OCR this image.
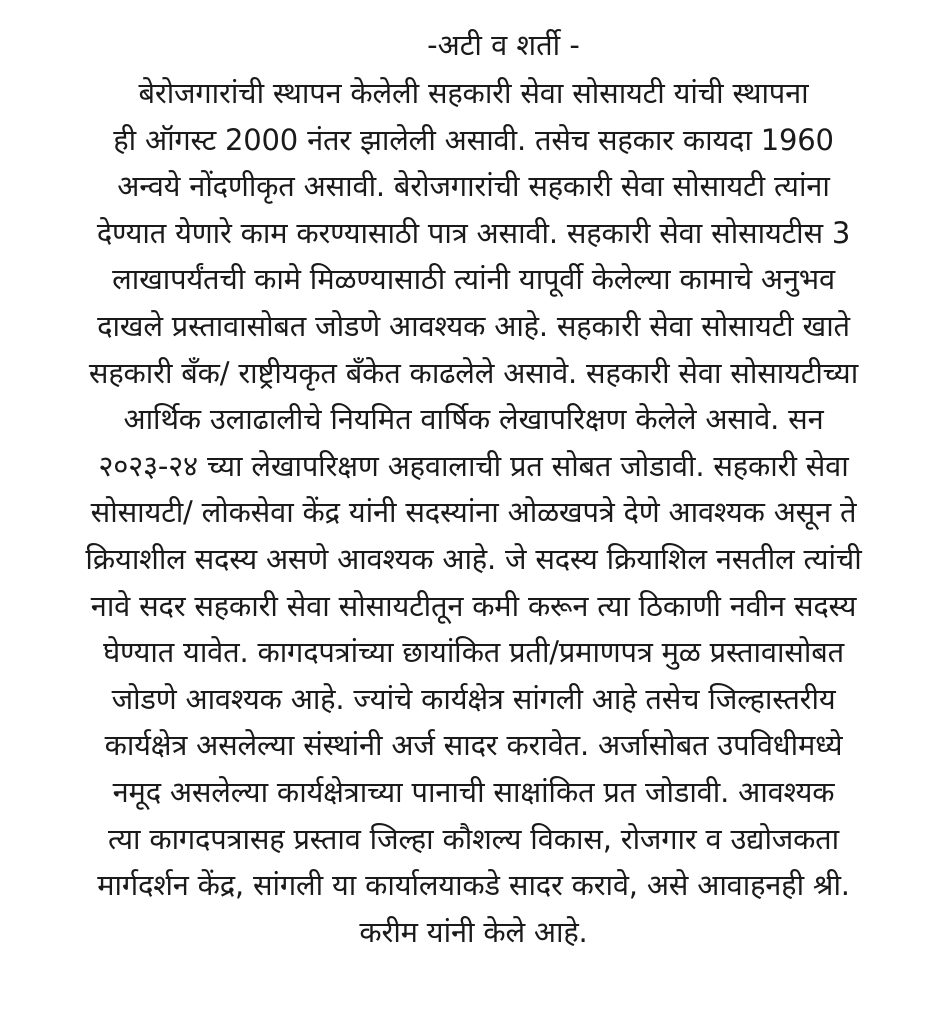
-अटी व शर्ती -

बेरोजगारांची स्थापन केलेली सहकारी सेवा सोसायटी यांची स्थापना

ही ऑगस्ट 2000 नंतर झालेली असावी. तसेच सहकार कायदा 1960

अन्वये नोंदणीकृत असावी. बेरोजगारांची सहकारी सेवा सोसायटी त्यांना

देण्यात येणारे काम करण्यासाठी पात्र असावी. सहकारी सेवा सोसायटीस 3

लाखापर्यंतची कामे मिळण्यासाठी त्यांनी यापूर्वी केलेल्या कामाचे अनुभव

दाखले प्रस्तावासोबत जोडणे आवश्यक आहे. सहकारी सेवा सोसायटी खाते

सहकारी बँक/ राष्ट्रीयकृत बँकेत काढलेले असावे. सहकारी सेवा सोसायटीच्या

आर्थिक उलाढालीचे नियमित वार्षिक लेखापरिक्षण केलेले असावे. सन

२०२३-२४ च्या लेखापरिक्षण अहवालाची प्रत सोबत जोडावी. सहकारी सेवा

सोसायटी/ लोकसेवा केंद्र यांनी सदस्यांना ओळखपत्रे देणे आवश्यक असून ते

क्रियाशील सदस्य असणे आवश्यक आहे. जे सदस्य क्रियाशिल नसतील त्यांची

नावे सदर सहकारी सेवा सोसायटीतून कमी करून त्या ठिकाणी नवीन सदस्य

घेण्यात यावेत. कागदपत्रांच्या छायांकित प्रती/प्रमाणपत्र मुळ प्रस्तावासोबत

जोडणे आवश्यक आहे. ज्यांचे कार्यक्षेत्र सांगली आहे तसेच जिल्हास्तरीय

कार्यक्षेत्र असलेल्या संस्थांनी अर्ज सादर करावेत. अर्जासोबत उपविधीमध्ये

नमूद असलेल्या कार्यक्षेत्राच्या पानाची साक्षांकित प्रत जोडावी. आवश्यक

त्या कागदपत्रासह प्रस्ताव जिल्हा कौशल्य विकास, रोजगार व उद्योजकता

मार्गदर्शन केंद्र, सांगली या कार्यालयाकडे सादर करावे, असे आवाहनही श्री.

करीम यांनी केले आहे.
